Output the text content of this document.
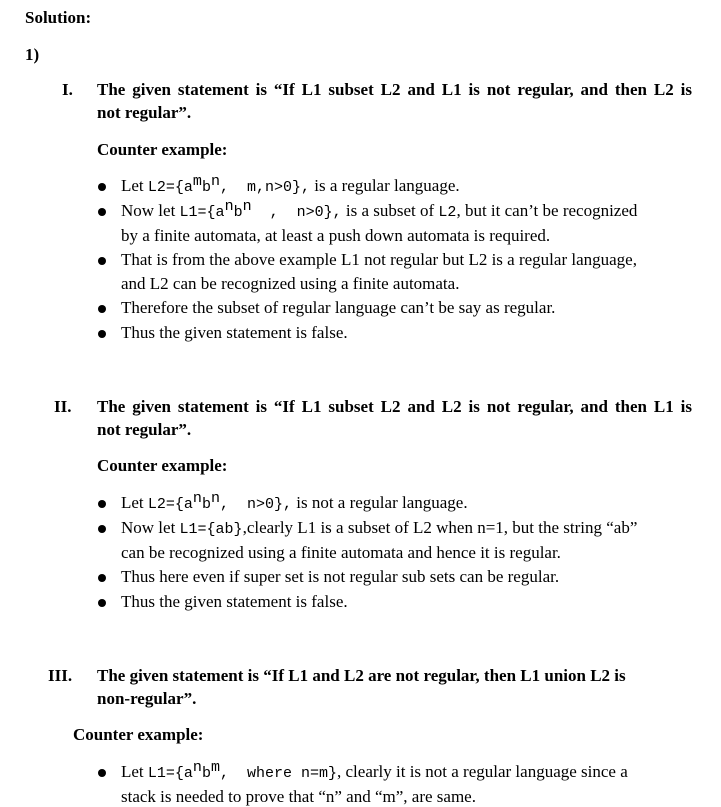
Solution:
1)
I. The given statement is “If L1 subset L2 and L1 is not regular, and then L2 is
not regular”.
Counter example:
Let $L2=\{a^mb^n$,  m,n>0}, is a regular language.
Now let $L1=\{a^nb^n$  ,  n>0}, is a subset of L2, but it can’t be recognized
by a finite automata, at least a push down automata is required.
That is from the above example L1 not regular but L2 is a regular language,
and L2 can be recognized using a finite automata.
Therefore the subset of regular language can’t be say as regular.
Thus the given statement is false.
II. The given statement is “If L1 subset L2 and L2 is not regular, and then L1 is
not regular”.
Counter example:
Let $L2=\{a^nb^n$,  n>0}, is not a regular language.
Now let L1={ab},clearly L1 is a subset of L2 when n=1, but the string “ab”
can be recognized using a finite automata and hence it is regular.
Thus here even if super set is not regular sub sets can be regular.
Thus the given statement is false.
III. The given statement is “If L1 and L2 are not regular, then L1 union L2 is
non-regular”.
Counter example:
Let $L1=\{a^nb^m$,  where n=m}, clearly it is not a regular language since a
stack is needed to prove that “n” and “m”, are same.
